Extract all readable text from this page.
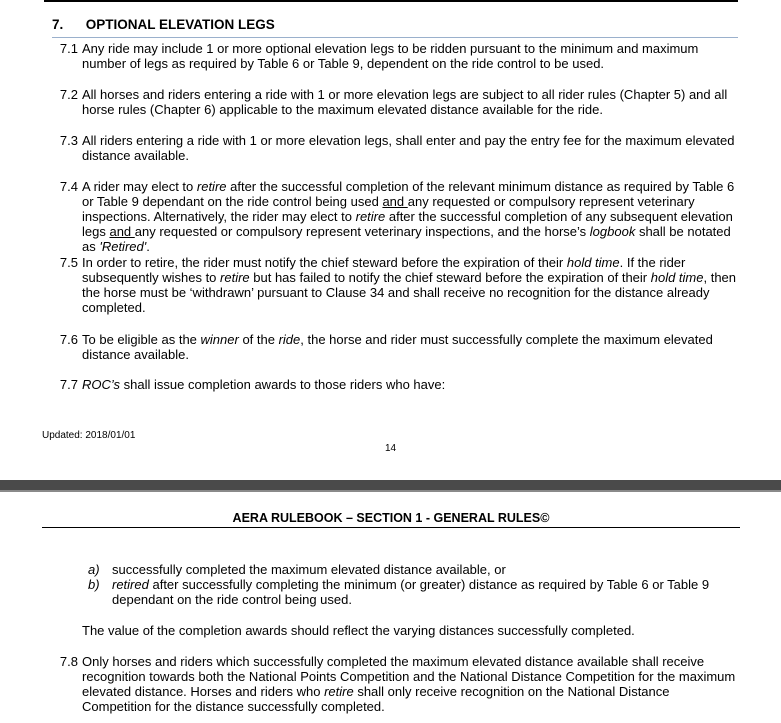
7. OPTIONAL ELEVATION LEGS
7.1 Any ride may include 1 or more optional elevation legs to be ridden pursuant to the minimum and maximum number of legs as required by Table 6 or Table 9, dependent on the ride control to be used.
7.2 All horses and riders entering a ride with 1 or more elevation legs are subject to all rider rules (Chapter 5) and all horse rules (Chapter 6) applicable to the maximum elevated distance available for the ride.
7.3 All riders entering a ride with 1 or more elevation legs, shall enter and pay the entry fee for the maximum elevated distance available.
7.4 A rider may elect to retire after the successful completion of the relevant minimum distance as required by Table 6 or Table 9 dependant on the ride control being used and any requested or compulsory represent veterinary inspections. Alternatively, the rider may elect to retire after the successful completion of any subsequent elevation legs and any requested or compulsory represent veterinary inspections, and the horse’s logbook shall be notated as 'Retired'.
7.5 In order to retire, the rider must notify the chief steward before the expiration of their hold time. If the rider subsequently wishes to retire but has failed to notify the chief steward before the expiration of their hold time, then the horse must be ‘withdrawn’ pursuant to Clause 34 and shall receive no recognition for the distance already completed.
7.6 To be eligible as the winner of the ride, the horse and rider must successfully complete the maximum elevated distance available.
7.7 ROC’s shall issue completion awards to those riders who have:
Updated: 2018/01/01
14
AERA RULEBOOK – SECTION 1 - GENERAL RULES©
a) successfully completed the maximum elevated distance available, or
b) retired after successfully completing the minimum (or greater) distance as required by Table 6 or Table 9 dependant on the ride control being used.
The value of the completion awards should reflect the varying distances successfully completed.
7.8 Only horses and riders which successfully completed the maximum elevated distance available shall receive recognition towards both the National Points Competition and the National Distance Competition for the maximum elevated distance. Horses and riders who retire shall only receive recognition on the National Distance Competition for the distance successfully completed.
